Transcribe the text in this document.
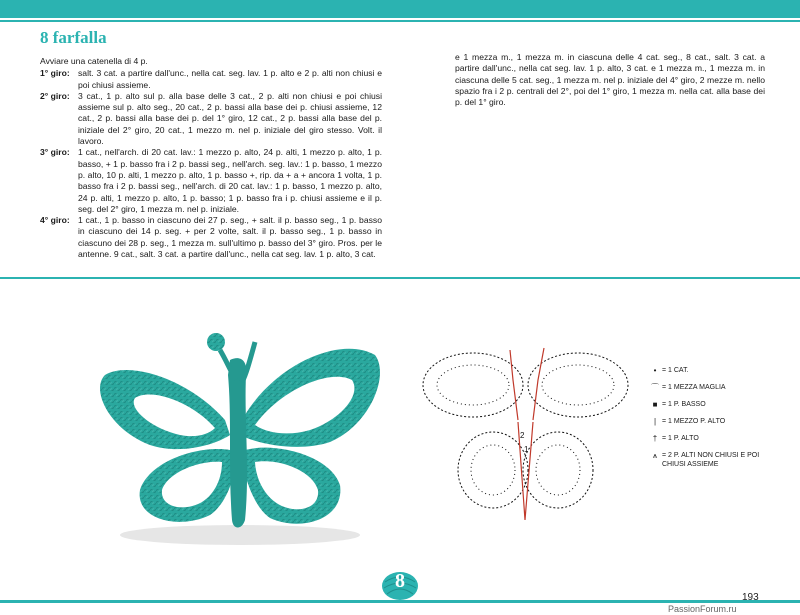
8 farfalla

Avviare una catenella di 4 p.

1° giro: salt. 3 cat. a partire dall'unc., nella cat. seg. lav. 1 p. alto e 2 p. alti non chiusi e poi chiusi assieme.
2° giro: 3 cat., 1 p. alto sul p. alla base delle 3 cat., 2 p. alti non chiusi e poi chiusi assieme sul p. alto seg., 20 cat., 2 p. bassi alla base dei p. chiusi assieme, 12 cat., 2 p. bassi alla base dei p. del 1° giro, 12 cat., 2 p. bassi alla base del p. iniziale del 2° giro, 20 cat., 1 mezzo m. nel p. iniziale del giro stesso. Volt. il lavoro.
3° giro: 1 cat., nell'arch. di 20 cat. lav.: 1 mezzo p. alto, 24 p. alti, 1 mezzo p. alto, 1 p. basso, + 1 p. basso fra i 2 p. bassi seg., nell'arch. seg. lav.: 1 p. basso, 1 mezzo p. alto, 10 p. alti, 1 mezzo p. alto, 1 p. basso +, rip. da + a + ancora 1 volta, 1 p. basso fra i 2 p. bassi seg., nell'arch. di 20 cat. lav.: 1 p. basso, 1 mezzo p. alto, 24 p. alti, 1 mezzo p. alto, 1 p. basso; 1 p. basso fra i p. chiusi assieme e il p. seg. del 2° giro, 1 mezza m. nel p. iniziale.
4° giro: 1 cat., 1 p. basso in ciascuno dei 27 p. seg., + salt. il p. basso seg., 1 p. basso in ciascuno dei 14 p. seg. + per 2 volte, salt. il p. basso seg., 1 p. basso in ciascuno dei 28 p. seg., 1 mezza m. sull'ultimo p. basso del 3° giro. Pros. per le antenne. 9 cat., salt. 3 cat. a partire dall'unc., nella cat seg. lav. 1 p. alto, 3 cat.

e 1 mezza m., 1 mezza m. in ciascuna delle 4 cat. seg., 8 cat., salt. 3 cat. a partire dall'unc., nella cat seg. lav. 1 p. alto, 3 cat. e 1 mezza m., 1 mezza m. in ciascuna delle 5 cat. seg., 1 mezza m. nel p. iniziale del 4° giro, 2 mezze m. nello spazio fra i 2 p. centrali del 2°, poi del 1° giro, 1 mezza m. nella cat. alla base dei p. del 1° giro.

2
1
• = 1 CAT.
⌒ = 1 MEZZA MAGLIA
■ = 1 P. BASSO
| = 1 MEZZO P. ALTO
† = 1 P. ALTO
⩚ = 2 P. ALTI NON CHIUSI E POI CHIUSI ASSIEME
8
193
PassionForum.ru
